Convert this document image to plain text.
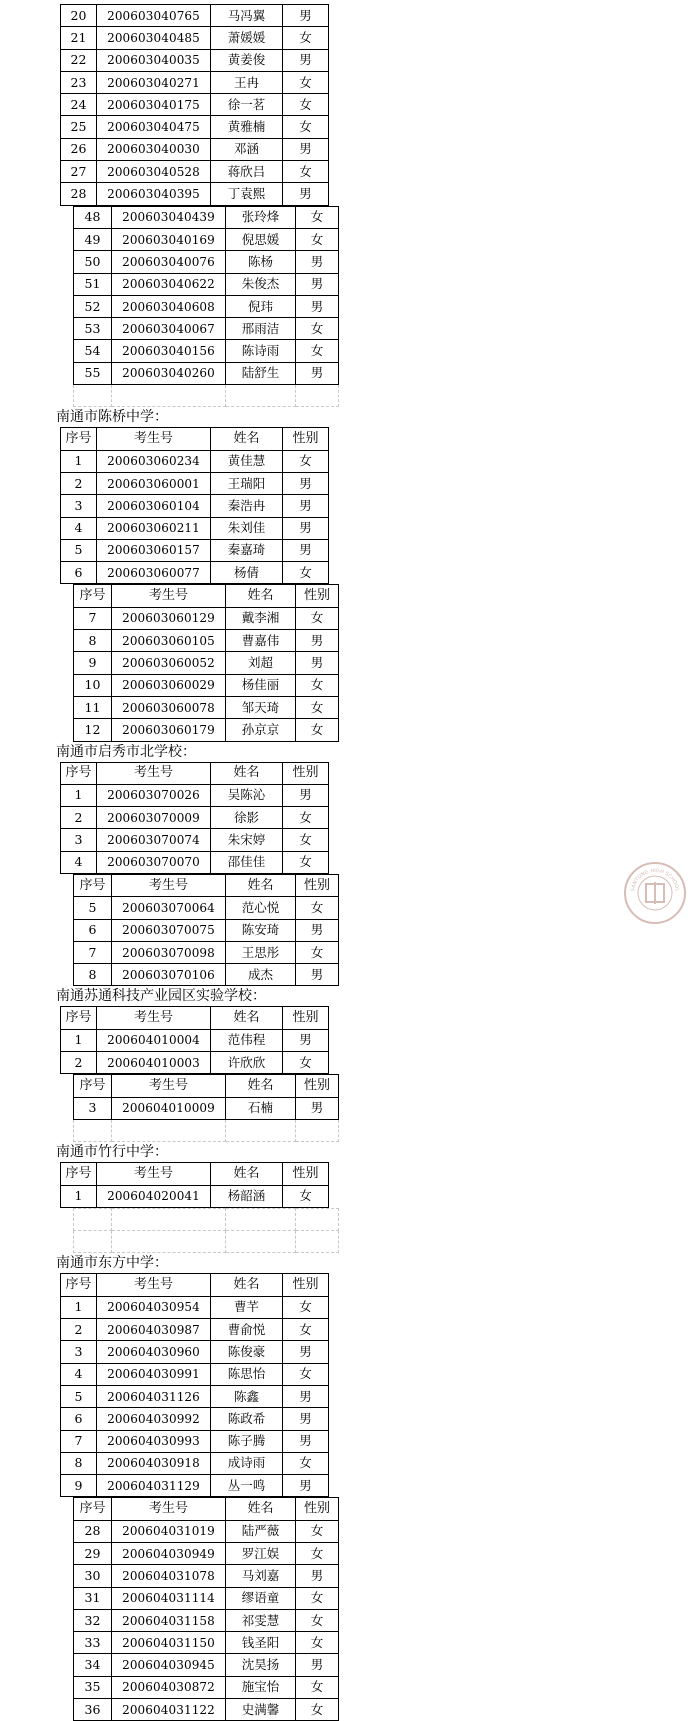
20	200603040765	马冯翼	男
21	200603040485	萧媛媛	女
22	200603040035	黄姜俊	男
23	200603040271	王冉	女
24	200603040175	徐一茗	女
25	200603040475	黄雅楠	女
26	200603040030	邓涵	男
27	200603040528	蒋欣吕	女
28	200603040395	丁袁熙	男
48	200603040439	张玲烽	女
49	200603040169	倪思媛	女
50	200603040076	陈杨	男
51	200603040622	朱俊杰	男
52	200603040608	倪玮	男
53	200603040067	邢雨洁	女
54	200603040156	陈诗雨	女
55	200603040260	陆舒生	男

南通市陈桥中学：
序号	考生号	姓名	性别
1	200603060234	黄佳慧	女
2	200603060001	王瑞阳	男
3	200603060104	秦浩冉	男
4	200603060211	朱刘佳	男
5	200603060157	秦嘉琦	男
6	200603060077	杨倩	女
序号	考生号	姓名	性别
7	200603060129	戴李湘	女
8	200603060105	曹嘉伟	男
9	200603060052	刘超	男
10	200603060029	杨佳丽	女
11	200603060078	邹天琦	女
12	200603060179	孙京京	女
南通市启秀市北学校：
序号	考生号	姓名	性别
1	200603070026	吴陈沁	男
2	200603070009	徐影	女
3	200603070074	朱宋婷	女
4	200603070070	邵佳佳	女
序号	考生号	姓名	性别
5	200603070064	范心悦	女
6	200603070075	陈安琦	男
7	200603070098	王思彤	女
8	200603070106	成杰	男
南通苏通科技产业园区实验学校：
序号	考生号	姓名	性别
1	200604010004	范伟程	男
2	200604010003	许欣欣	女
序号	考生号	姓名	性别
3	200604010009	石楠	男

南通市竹行中学：
序号	考生号	姓名	性别
1	200604020041	杨韶涵	女

南通市东方中学：
序号	考生号	姓名	性别
1	200604030954	曹芊	女
2	200604030987	曹俞悦	女
3	200604030960	陈俊豪	男
4	200604030991	陈思怡	女
5	200604031126	陈鑫	男
6	200604030992	陈政希	男
7	200604030993	陈子腾	男
8	200604030918	成诗雨	女
9	200604031129	丛一鸣	男
序号	考生号	姓名	性别
28	200604031019	陆严薇	女
29	200604030949	罗江娱	女
30	200604031078	马刘嘉	男
31	200604031114	缪语童	女
32	200604031158	祁雯慧	女
33	200604031150	钱圣阳	女
34	200604030945	沈昊扬	男
35	200604030872	施宝怡	女
36	200604031122	史满馨	女
SANTONG HIGH SCHOOL
